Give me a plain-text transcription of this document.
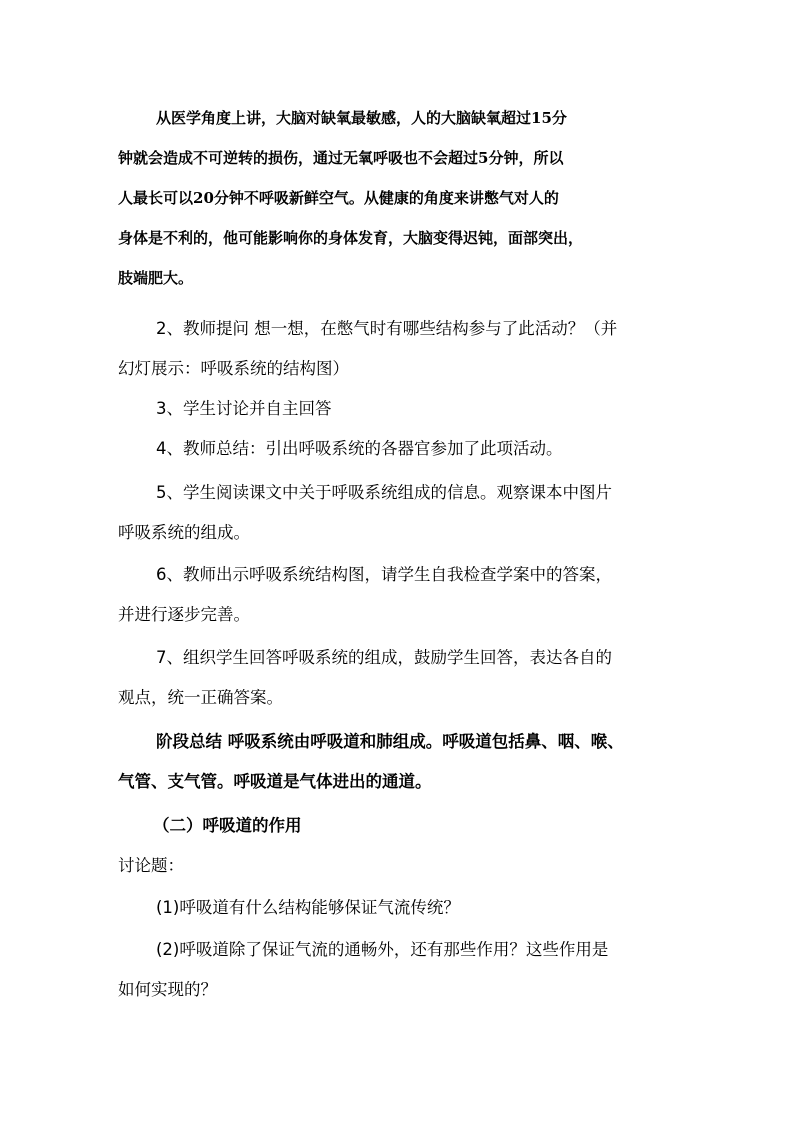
从医学角度上讲，大脑对缺氧最敏感，人的大脑缺氧超过15分
钟就会造成不可逆转的损伤，通过无氧呼吸也不会超过5分钟，所以
人最长可以20分钟不呼吸新鲜空气。从健康的角度来讲憋气对人的
身体是不利的，他可能影响你的身体发育，大脑变得迟钝，面部突出，
肢端肥大。
2、教师提问 想一想，在憋气时有哪些结构参与了此活动？（并
幻灯展示：呼吸系统的结构图）
3、学生讨论并自主回答
4、教师总结：引出呼吸系统的各器官参加了此项活动。
5、学生阅读课文中关于呼吸系统组成的信息。观察课本中图片
呼吸系统的组成。
6、教师出示呼吸系统结构图，请学生自我检查学案中的答案，
并进行逐步完善。
7、组织学生回答呼吸系统的组成，鼓励学生回答，表达各自的
观点，统一正确答案。
阶段总结 呼吸系统由呼吸道和肺组成。呼吸道包括鼻、咽、喉、
气管、支气管。呼吸道是气体进出的通道。
（二）呼吸道的作用
讨论题：
(1)呼吸道有什么结构能够保证气流传统？
(2)呼吸道除了保证气流的通畅外，还有那些作用？这些作用是
如何实现的？
